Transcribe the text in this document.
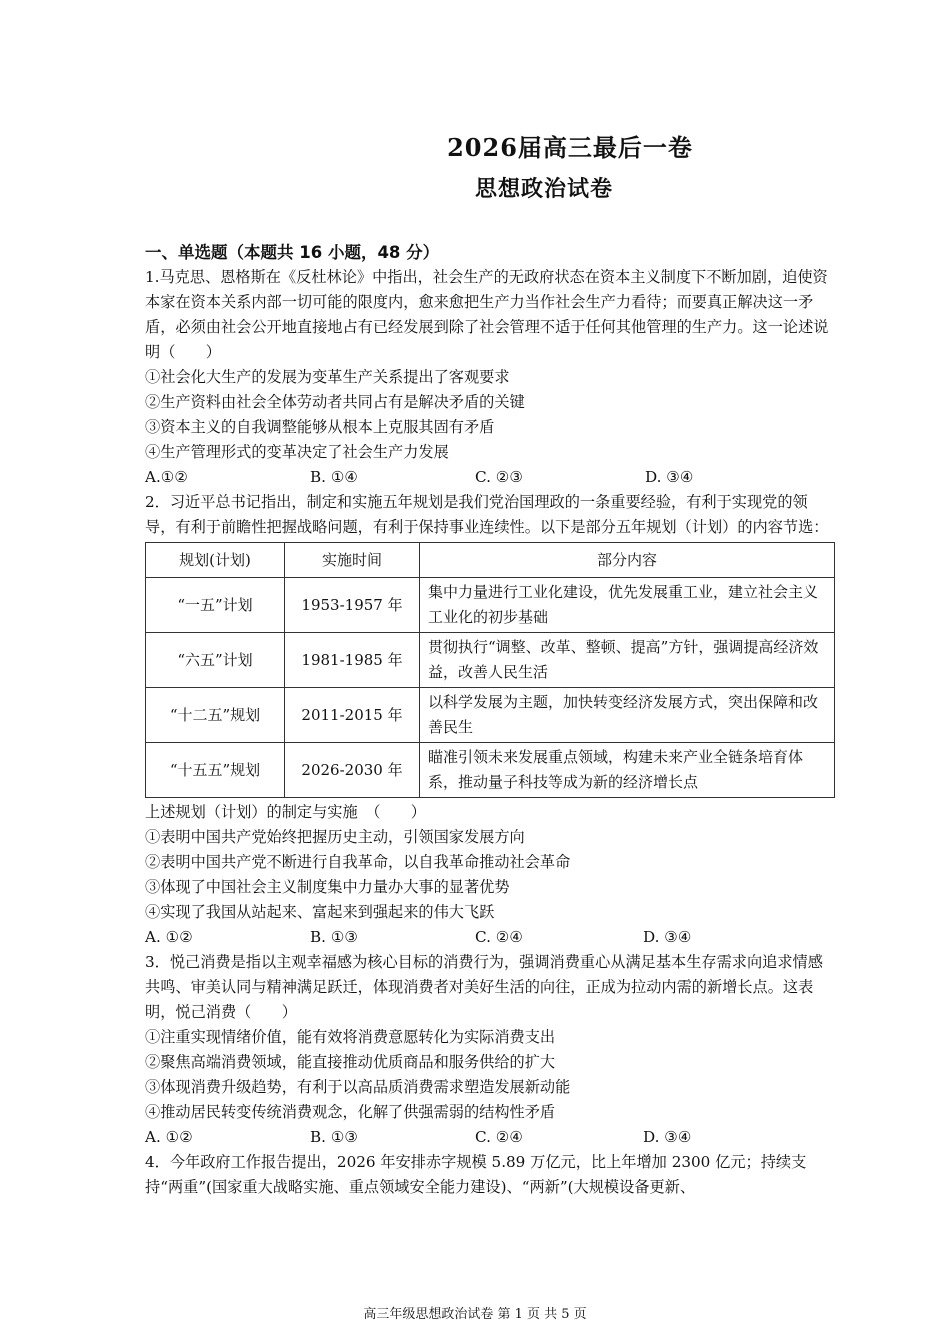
2026届高三最后一卷
思想政治试卷
一、单选题（本题共 16 小题，48 分）

1.马克思、恩格斯在《反杜林论》中指出，社会生产的无政府状态在资本主义制度下不断加剧，迫使资本家在资本关系内部一切可能的限度内，愈来愈把生产力当作社会生产力看待；而要真正解决这一矛盾，必须由社会公开地直接地占有已经发展到除了社会管理不适于任何其他管理的生产力。这一论述说明（　　）

①社会化大生产的发展为变革生产关系提出了客观要求

②生产资料由社会全体劳动者共同占有是解决矛盾的关键

③资本主义的自我调整能够从根本上克服其固有矛盾

④生产管理形式的变革决定了社会生产力发展

A.①②	B. ①④	C. ②③	D. ③④

2．习近平总书记指出，制定和实施五年规划是我们党治国理政的一条重要经验，有利于实现党的领导，有利于前瞻性把握战略问题，有利于保持事业连续性。以下是部分五年规划（计划）的内容节选：

规划(计划)	实施时间	部分内容
“一五”计划	1953-1957 年	集中力量进行工业化建设，优先发展重工业，建立社会主义工业化的初步基础
“六五”计划	1981-1985 年	贯彻执行“调整、改革、整顿、提高”方针，强调提高经济效益，改善人民生活
“十二五”规划	2011-2015 年	以科学发展为主题，加快转变经济发展方式，突出保障和改善民生
“十五五”规划	2026-2030 年	瞄准引领未来发展重点领域，构建未来产业全链条培育体系，推动量子科技等成为新的经济增长点

上述规划（计划）的制定与实施　（　　）

①表明中国共产党始终把握历史主动，引领国家发展方向

②表明中国共产党不断进行自我革命，以自我革命推动社会革命

③体现了中国社会主义制度集中力量办大事的显著优势

④实现了我国从站起来、富起来到强起来的伟大飞跃

A. ①②	B. ①③	C. ②④	D. ③④

3．悦己消费是指以主观幸福感为核心目标的消费行为，强调消费重心从满足基本生存需求向追求情感共鸣、审美认同与精神满足跃迁，体现消费者对美好生活的向往，正成为拉动内需的新增长点。这表明，悦己消费（　　）

①注重实现情绪价值，能有效将消费意愿转化为实际消费支出

②聚焦高端消费领域，能直接推动优质商品和服务供给的扩大

③体现消费升级趋势，有利于以高品质消费需求塑造发展新动能

④推动居民转变传统消费观念，化解了供强需弱的结构性矛盾

A. ①②	B. ①③	C. ②④	D. ③④

4．今年政府工作报告提出，2026 年安排赤字规模 5.89 万亿元，比上年增加 2300 亿元；持续支持“两重”(国家重大战略实施、重点领域安全能力建设)、“两新”(大规模设备更新、

高三年级思想政治试卷 第 1 页 共 5 页
